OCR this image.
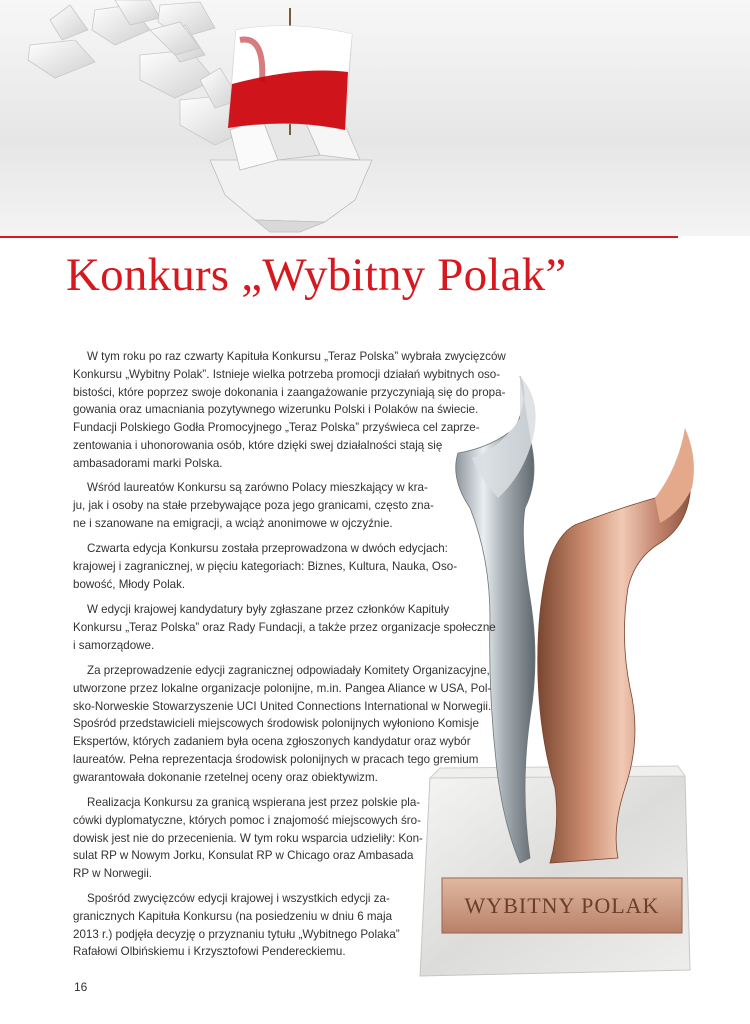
Konkurs „Wybitny Polak”
WYBITNY POLAK
W tym roku po raz czwarty Kapituła Konkursu „Teraz Polska” wybrała zwycięzców
Konkursu „Wybitny Polak”. Istnieje wielka potrzeba promocji działań wybitnych oso-
bistości, które poprzez swoje dokonania i zaangażowanie przyczyniają się do propa-
gowania oraz umacniania pozytywnego wizerunku Polski i Polaków na świecie.
Fundacji Polskiego Godła Promocyjnego „Teraz Polska” przyświeca cel zaprze-
zentowania i uhonorowania osób, które dzięki swej działalności stają się
ambasadorami marki Polska.
Wśród laureatów Konkursu są zarówno Polacy mieszkający w kra-
ju, jak i osoby na stałe przebywające poza jego granicami, często zna-
ne i szanowane na emigracji, a wciąż anonimowe w ojczyźnie.
Czwarta edycja Konkursu została przeprowadzona w dwóch edycjach:
krajowej i zagranicznej, w pięciu kategoriach: Biznes, Kultura, Nauka, Oso-
bowość, Młody Polak.
W edycji krajowej kandydatury były zgłaszane przez członków Kapituły
Konkursu „Teraz Polska” oraz Rady Fundacji, a także przez organizacje społeczne
i samorządowe.
Za przeprowadzenie edycji zagranicznej odpowiadały Komitety Organizacyjne,
utworzone przez lokalne organizacje polonijne, m.in. Pangea Aliance w USA, Pol-
sko-Norweskie Stowarzyszenie UCI United Connections International w Norwegii.
Spośród przedstawicieli miejscowych środowisk polonijnych wyłoniono Komisje
Ekspertów, których zadaniem była ocena zgłoszonych kandydatur oraz wybór
laureatów. Pełna reprezentacja środowisk polonijnych w pracach tego gremium
gwarantowała dokonanie rzetelnej oceny oraz obiektywizm.
Realizacja Konkursu za granicą wspierana jest przez polskie pla-
cówki dyplomatyczne, których pomoc i znajomość miejscowych śro-
dowisk jest nie do przecenienia. W tym roku wsparcia udzieliły: Kon-
sulat RP w Nowym Jorku, Konsulat RP w Chicago oraz Ambasada
RP w Norwegii.
Spośród zwycięzców edycji krajowej i wszystkich edycji za-
granicznych Kapituła Konkursu (na posiedzeniu w dniu 6 maja
2013 r.) podjęła decyzję o przyznaniu tytułu „Wybitnego Polaka”
Rafałowi Olbińskiemu i Krzysztofowi Pendereckiemu.
16
